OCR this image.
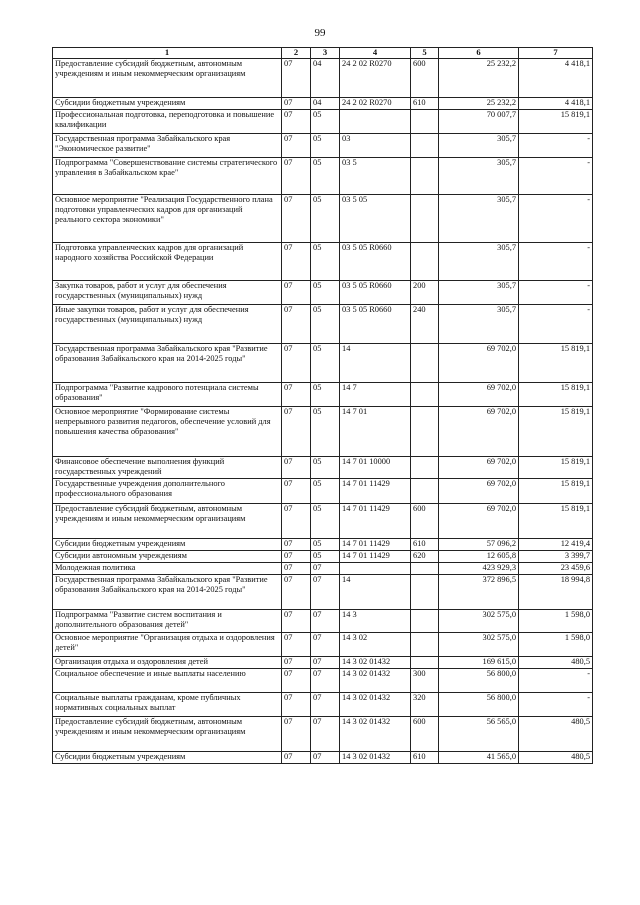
99
1	2	3	4	5	6	7
Предоставление субсидий бюджетным, автономным учреждениям и иным некоммерческим организациям	07	04	24 2 02 R0270	600	25 232,2	4 418,1
Субсидии бюджетным учреждениям	07	04	24 2 02 R0270	610	25 232,2	4 418,1
Профессиональная подготовка, переподготовка и повышение квалификации	07	05			70 007,7	15 819,1
Государственная программа Забайкальского края "Экономическое развитие"	07	05	03		305,7	-
Подпрограмма "Совершенствование системы стратегического управления в Забайкальском крае"	07	05	03 5		305,7	-
Основное мероприятие "Реализация Государственного плана подготовки управленческих кадров для организаций реального сектора экономики"	07	05	03 5 05		305,7	-
Подготовка управленческих кадров для организаций народного хозяйства Российской Федерации	07	05	03 5 05 R0660		305,7	-
Закупка товаров, работ и услуг для обеспечения государственных (муниципальных) нужд	07	05	03 5 05 R0660	200	305,7	-
Иные закупки товаров, работ и услуг для обеспечения государственных (муниципальных) нужд	07	05	03 5 05 R0660	240	305,7	-
Государственная программа Забайкальского края "Развитие образования Забайкальского края на 2014-2025 годы"	07	05	14		69 702,0	15 819,1
Подпрограмма "Развитие кадрового потенциала системы образования"	07	05	14 7		69 702,0	15 819,1
Основное мероприятие "Формирование системы непрерывного развития педагогов, обеспечение условий для повышения качества образования"	07	05	14 7 01		69 702,0	15 819,1
Финансовое обеспечение выполнения функций государственных учреждений	07	05	14 7 01 10000		69 702,0	15 819,1
Государственные учреждения дополнительного профессионального образования	07	05	14 7 01 11429		69 702,0	15 819,1
Предоставление субсидий бюджетным, автономным учреждениям и иным некоммерческим организациям	07	05	14 7 01 11429	600	69 702,0	15 819,1
Субсидии бюджетным учреждениям	07	05	14 7 01 11429	610	57 096,2	12 419,4
Субсидии автономным учреждениям	07	05	14 7 01 11429	620	12 605,8	3 399,7
Молодежная политика	07	07			423 929,3	23 459,6
Государственная программа Забайкальского края "Развитие образования Забайкальского края на 2014-2025 годы"	07	07	14		372 896,5	18 994,8
Подпрограмма "Развитие систем воспитания и дополнительного образования детей"	07	07	14 3		302 575,0	1 598,0
Основное мероприятие "Организация отдыха и оздоровления детей"	07	07	14 3 02		302 575,0	1 598,0
Организация отдыха и оздоровления детей	07	07	14 3 02 01432		169 615,0	480,5
Социальное обеспечение и иные выплаты населению	07	07	14 3 02 01432	300	56 800,0	-
Социальные выплаты гражданам, кроме публичных нормативных социальных выплат	07	07	14 3 02 01432	320	56 800,0	-
Предоставление субсидий бюджетным, автономным учреждениям и иным некоммерческим организациям	07	07	14 3 02 01432	600	56 565,0	480,5
Субсидии бюджетным учреждениям	07	07	14 3 02 01432	610	41 565,0	480,5
